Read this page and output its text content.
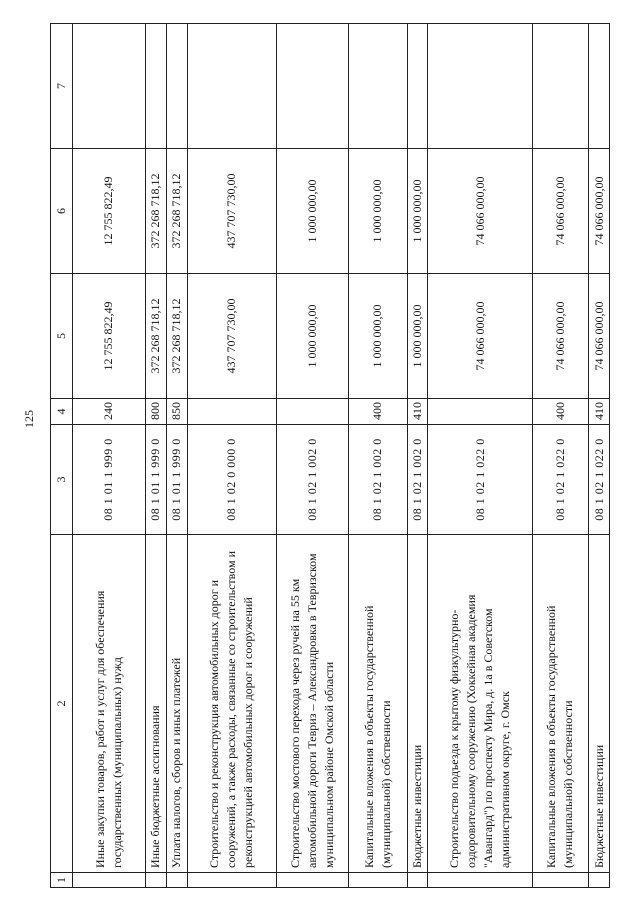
125
1	2	3	4	5	6	7
	Иные закупки товаров, работ и услуг для обеспечения государственных (муниципальных) нужд	08 1 01 1 999 0	240	12 755 822,49	12 755 822,49	
	Иные бюджетные ассигнования	08 1 01 1 999 0	800	372 268 718,12	372 268 718,12	
	Уплата налогов, сборов и иных платежей	08 1 01 1 999 0	850	372 268 718,12	372 268 718,12	
	Строительство и реконструкция автомобильных дорог и сооружений, а также расходы, связанные со строительством и реконструкцией автомобильных дорог и сооружений	08 1 02 0 000 0		437 707 730,00	437 707 730,00	
	Строительство мостового перехода через ручей на 55 км автомобильной дороги Тевриз – Александровка в Тевризском муниципальном районе Омской области	08 1 02 1 002 0		1 000 000,00	1 000 000,00	
	Капитальные вложения в объекты государственной (муниципальной) собственности	08 1 02 1 002 0	400	1 000 000,00	1 000 000,00	
	Бюджетные инвестиции	08 1 02 1 002 0	410	1 000 000,00	1 000 000,00	
	Строительство подъезда к крытому физкультурно-оздоровительному сооружению (Хоккейная академия "Авангард") по проспекту Мира, д. 1а в Советском административном округе, г. Омск	08 1 02 1 022 0		74 066 000,00	74 066 000,00	
	Капитальные вложения в объекты государственной (муниципальной) собственности	08 1 02 1 022 0	400	74 066 000,00	74 066 000,00	
	Бюджетные инвестиции	08 1 02 1 022 0	410	74 066 000,00	74 066 000,00	
